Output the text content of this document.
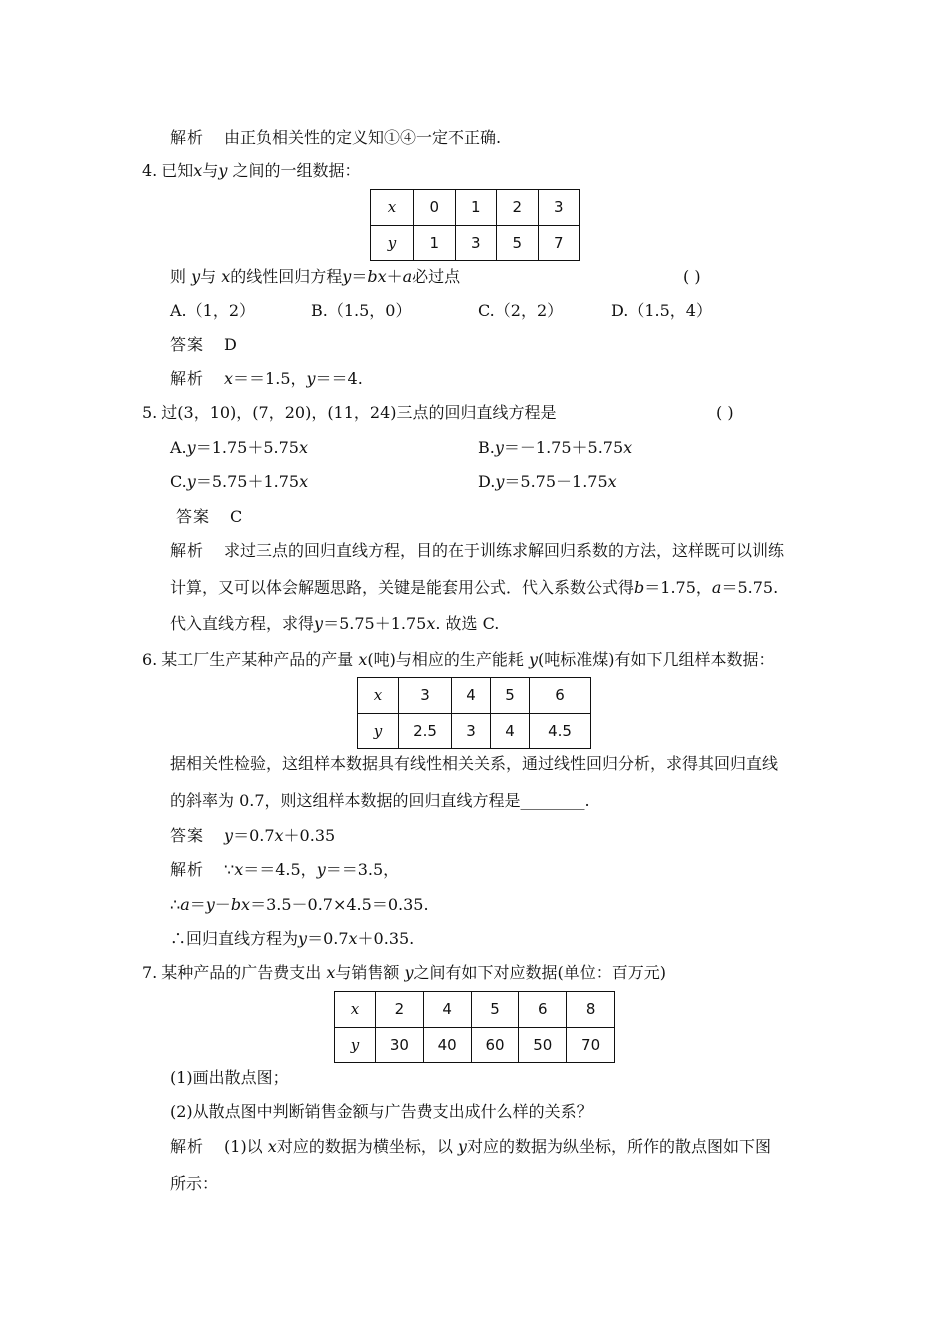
解析 由正负相关性的定义知①④一定不正确.
4. 已知x与y 之间的一组数据：
x	0	1	2	3
y	1	3	5	7
则 y与 x的线性回归方程y＝bx＋a必过点	( )
A.（1，2）	B.（1.5，0）	C.（2，2）	D.（1.5，4）
答案 D
解析 x＝＝1.5，y＝＝4.
5. 过(3，10)，(7，20)，(11，24)三点的回归直线方程是	( )
A.y＝1.75＋5.75x	B.y＝－1.75＋5.75x
C.y＝5.75＋1.75x	D.y＝5.75－1.75x
答案 C
解析 求过三点的回归直线方程，目的在于训练求解回归系数的方法，这样既可以训练
计算，又可以体会解题思路，关键是能套用公式．代入系数公式得b＝1.75，a＝5.75.
代入直线方程，求得y＝5.75＋1.75x. 故选 C.
6. 某工厂生产某种产品的产量 x(吨)与相应的生产能耗 y(吨标准煤)有如下几组样本数据：
x	3	4	5	6
y	2.5	3	4	4.5
据相关性检验，这组样本数据具有线性相关关系，通过线性回归分析，求得其回归直线
的斜率为 0.7，则这组样本数据的回归直线方程是________.
答案 y＝0.7x＋0.35
解析 ∵x＝＝4.5，y＝＝3.5，
∴a＝y－bx＝3.5－0.7×4.5＝0.35.
∴回归直线方程为y＝0.7x＋0.35.
7. 某种产品的广告费支出 x与销售额 y之间有如下对应数据(单位：百万元)
x	2	4	5	6	8
y	30	40	60	50	70
(1)画出散点图；
(2)从散点图中判断销售金额与广告费支出成什么样的关系？
解析 (1)以 x对应的数据为横坐标，以 y对应的数据为纵坐标，所作的散点图如下图
所示：
